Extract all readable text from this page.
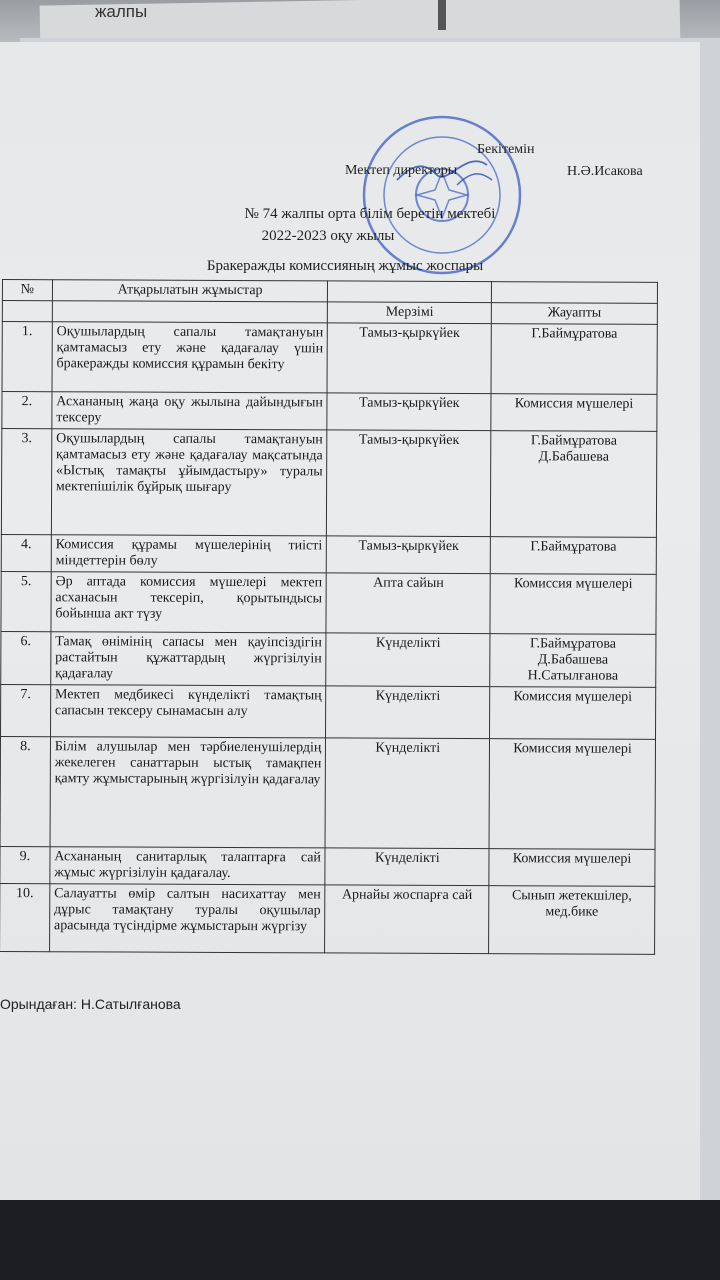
жалпы
Бекітемін
Мектеп директоры	Н.Ә.Исакова
№ 74 жалпы орта білім беретін мектебі
2022-2023 оқу жылы
Бракеражды комиссияның жұмыс жоспары
№	Атқарылатын жұмыстар		
		Мерзімі	Жауапты
1.	Оқушылардың сапалы тамақтануын қамтамасыз ету және қадағалау үшін бракеражды комиссия құрамын бекіту	Тамыз-қыркүйек	Г.Баймұратова
2.	Асхананың жаңа оқу жылына дайындығын тексеру	Тамыз-қыркүйек	Комиссия мүшелері
3.	Оқушылардың сапалы тамақтануын қамтамасыз ету және қадағалау мақсатында «Ыстық тамақты ұйымдастыру» туралы мектепішілік бұйрық шығару	Тамыз-қыркүйек	Г.Баймұратова
Д.Бабашева
4.	Комиссия құрамы мүшелерінің тиісті міндеттерін бөлу	Тамыз-қыркүйек	Г.Баймұратова
5.	Әр аптада комиссия мүшелері мектеп асханасын тексеріп, қорытындысы бойынша акт түзу	Апта сайын	Комиссия мүшелері
6.	Тамақ өнімінің сапасы мен қауіпсіздігін растайтын құжаттардың жүргізілуін қадағалау	Күнделікті	Г.Баймұратова
Д.Бабашева
Н.Сатылғанова
7.	Мектеп медбикесі күнделікті тамақтың сапасын тексеру сынамасын алу	Күнделікті	Комиссия мүшелері
8.	Білім алушылар мен тәрбиеленушілердің жекелеген санаттарын ыстық тамақпен қамту жұмыстарының жүргізілуін қадағалау	Күнделікті	Комиссия мүшелері
9.	Асхананың санитарлық талаптарға сай жұмыс жүргізілуін қадағалау.	Күнделікті	Комиссия мүшелері
10.	Салауатты өмір салтын насихаттау мен дұрыс тамақтану туралы оқушылар арасында түсіндірме жұмыстарын жүргізу	Арнайы жоспарға сай	Сынып жетекшілер, мед.бике
Орындаған: Н.Сатылғанова
